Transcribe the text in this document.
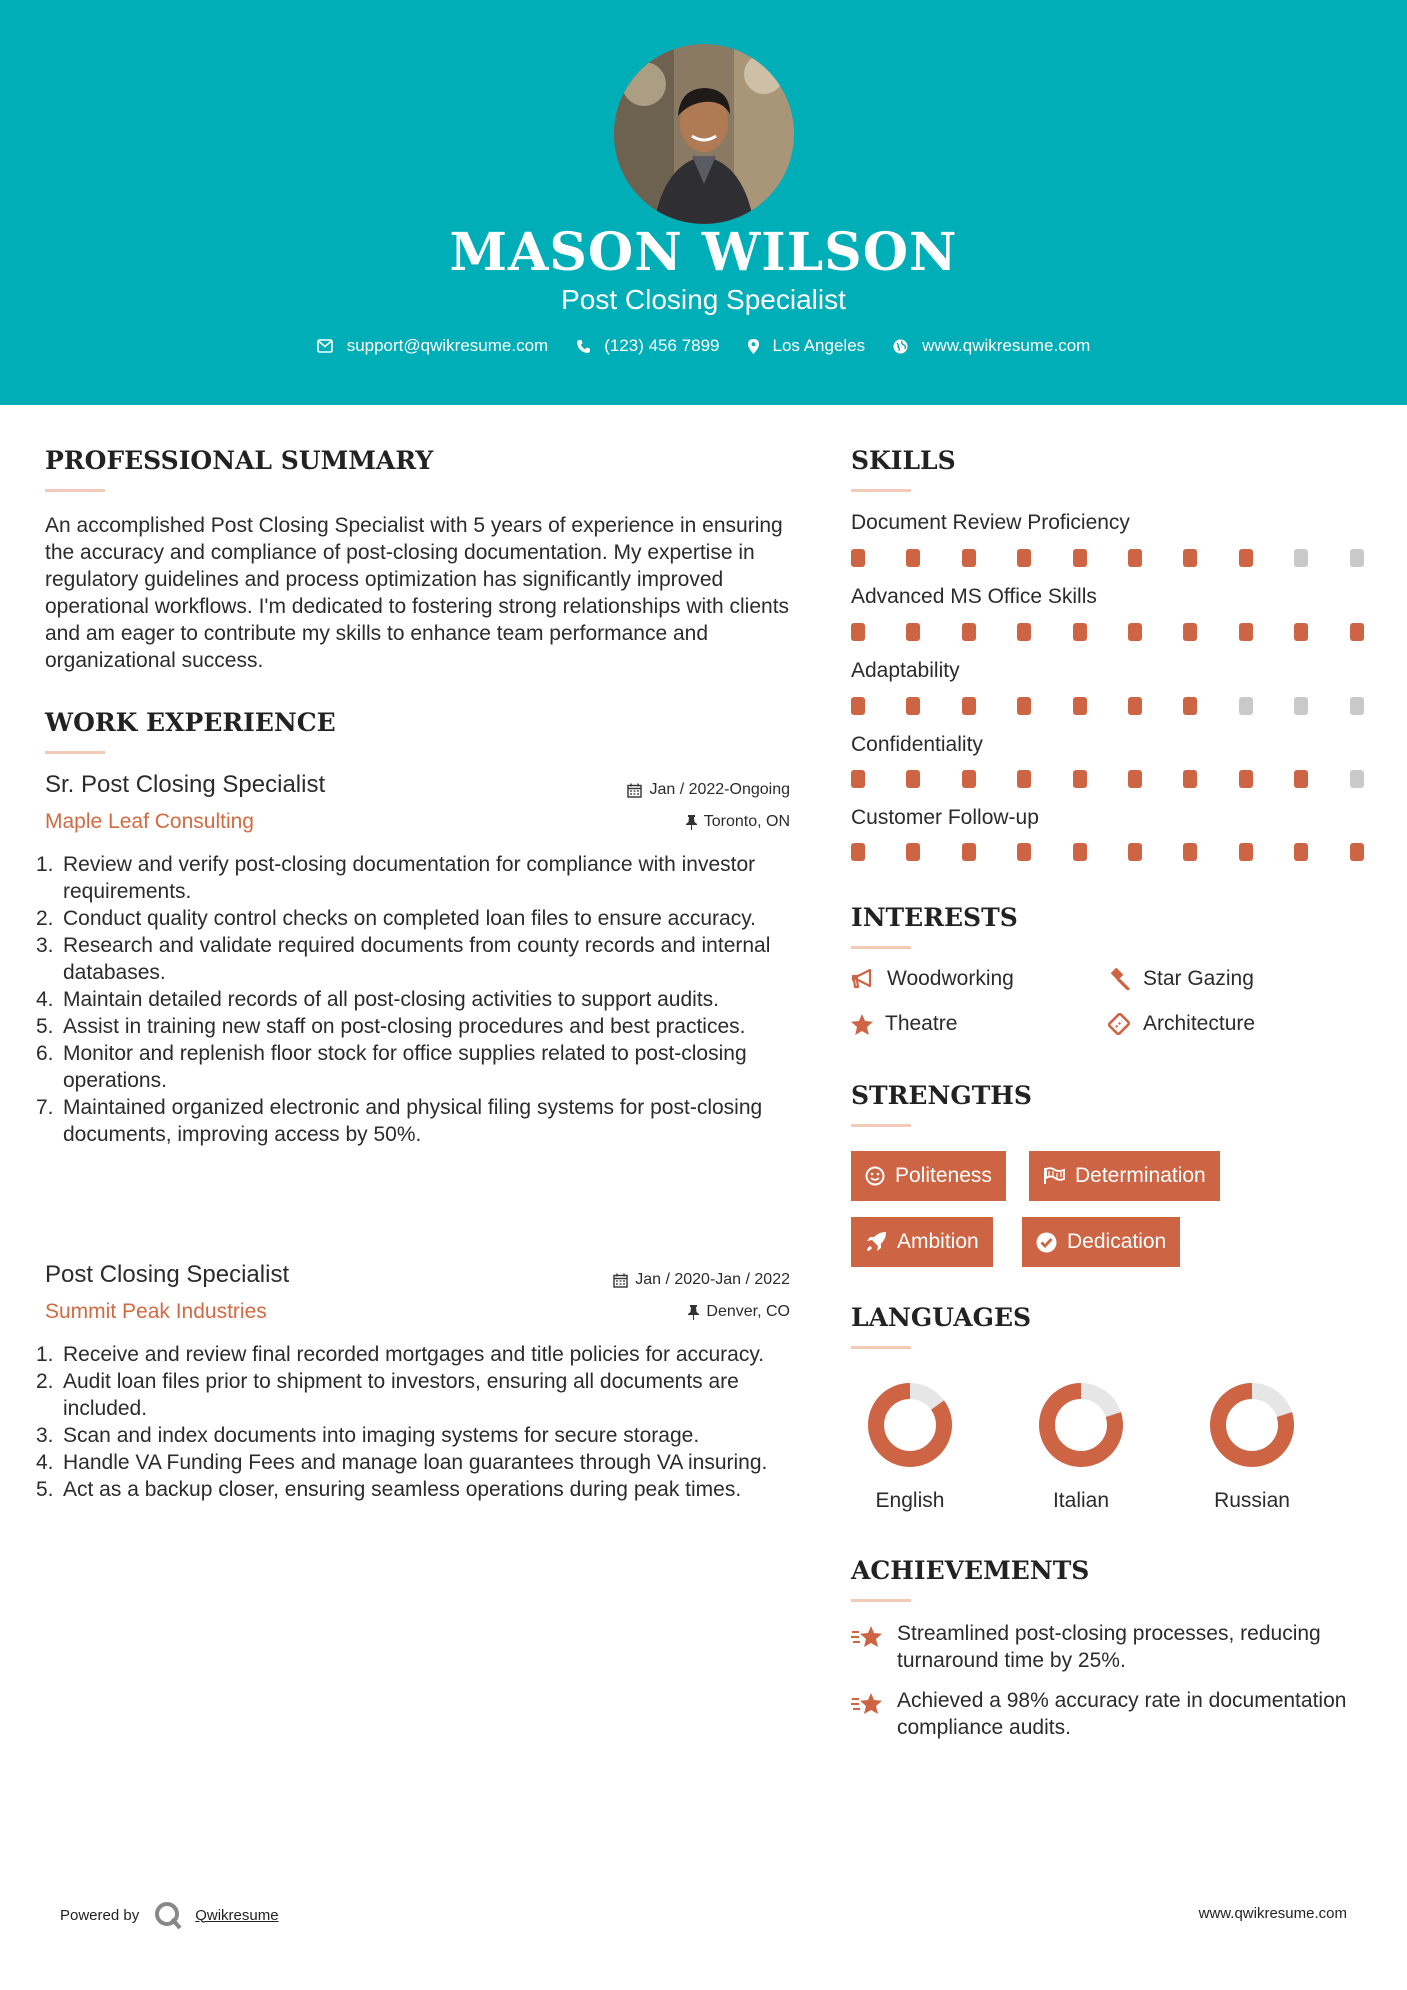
MASON WILSON
Post Closing Specialist
support@qwikresume.com	(123) 456 7899	Los Angeles	www.qwikresume.com
PROFESSIONAL SUMMARY
An accomplished Post Closing Specialist with 5 years of experience in ensuring the accuracy and compliance of post-closing documentation. My expertise in regulatory guidelines and process optimization has significantly improved operational workflows. I'm dedicated to fostering strong relationships with clients and am eager to contribute my skills to enhance team performance and organizational success.
WORK EXPERIENCE
Sr. Post Closing Specialist	Jan / 2022-Ongoing
Maple Leaf Consulting	Toronto, ON
1. Review and verify post-closing documentation for compliance with investor requirements.
2. Conduct quality control checks on completed loan files to ensure accuracy.
3. Research and validate required documents from county records and internal databases.
4. Maintain detailed records of all post-closing activities to support audits.
5. Assist in training new staff on post-closing procedures and best practices.
6. Monitor and replenish floor stock for office supplies related to post-closing operations.
7. Maintained organized electronic and physical filing systems for post-closing documents, improving access by 50%.
Post Closing Specialist	Jan / 2020-Jan / 2022
Summit Peak Industries	Denver, CO
1. Receive and review final recorded mortgages and title policies for accuracy.
2. Audit loan files prior to shipment to investors, ensuring all documents are included.
3. Scan and index documents into imaging systems for secure storage.
4. Handle VA Funding Fees and manage loan guarantees through VA insuring.
5. Act as a backup closer, ensuring seamless operations during peak times.
SKILLS
Document Review Proficiency
Advanced MS Office Skills
Adaptability
Confidentiality
Customer Follow-up
INTERESTS
Woodworking	Star Gazing
Theatre	Architecture
STRENGTHS
Politeness	Determination
Ambition	Dedication
LANGUAGES
English	Italian	Russian
ACHIEVEMENTS
Streamlined post-closing processes, reducing turnaround time by 25%.
Achieved a 98% accuracy rate in documentation compliance audits.
Powered by	Qwikresume	www.qwikresume.com
